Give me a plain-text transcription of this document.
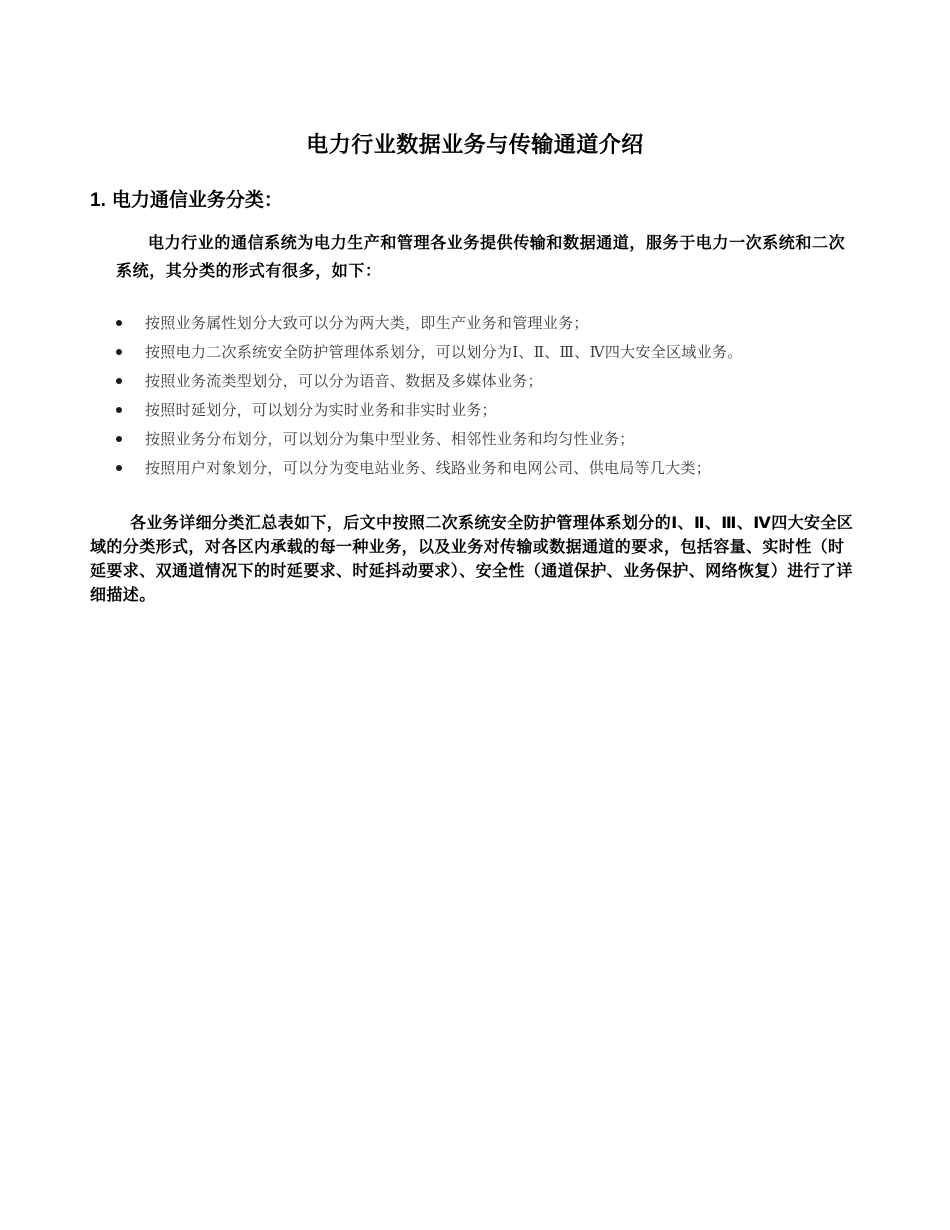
电力行业数据业务与传输通道介绍
1. 电力通信业务分类：

电力行业的通信系统为电力生产和管理各业务提供传输和数据通道，服务于电力一次系统和二次系统，其分类的形式有很多，如下：

按照业务属性划分大致可以分为两大类，即生产业务和管理业务；
按照电力二次系统安全防护管理体系划分，可以划分为Ⅰ、Ⅱ、Ⅲ、Ⅳ四大安全区域业务。
按照业务流类型划分，可以分为语音、数据及多媒体业务；
按照时延划分，可以划分为实时业务和非实时业务；
按照业务分布划分，可以划分为集中型业务、相邻性业务和均匀性业务；
按照用户对象划分，可以分为变电站业务、线路业务和电网公司、供电局等几大类；

各业务详细分类汇总表如下，后文中按照二次系统安全防护管理体系划分的Ⅰ、Ⅱ、Ⅲ、Ⅳ四大安全区域的分类形式，对各区内承载的每一种业务，以及业务对传输或数据通道的要求，包括容量、实时性（时延要求、双通道情况下的时延要求、时延抖动要求）、安全性（通道保护、业务保护、网络恢复）进行了详细描述。
